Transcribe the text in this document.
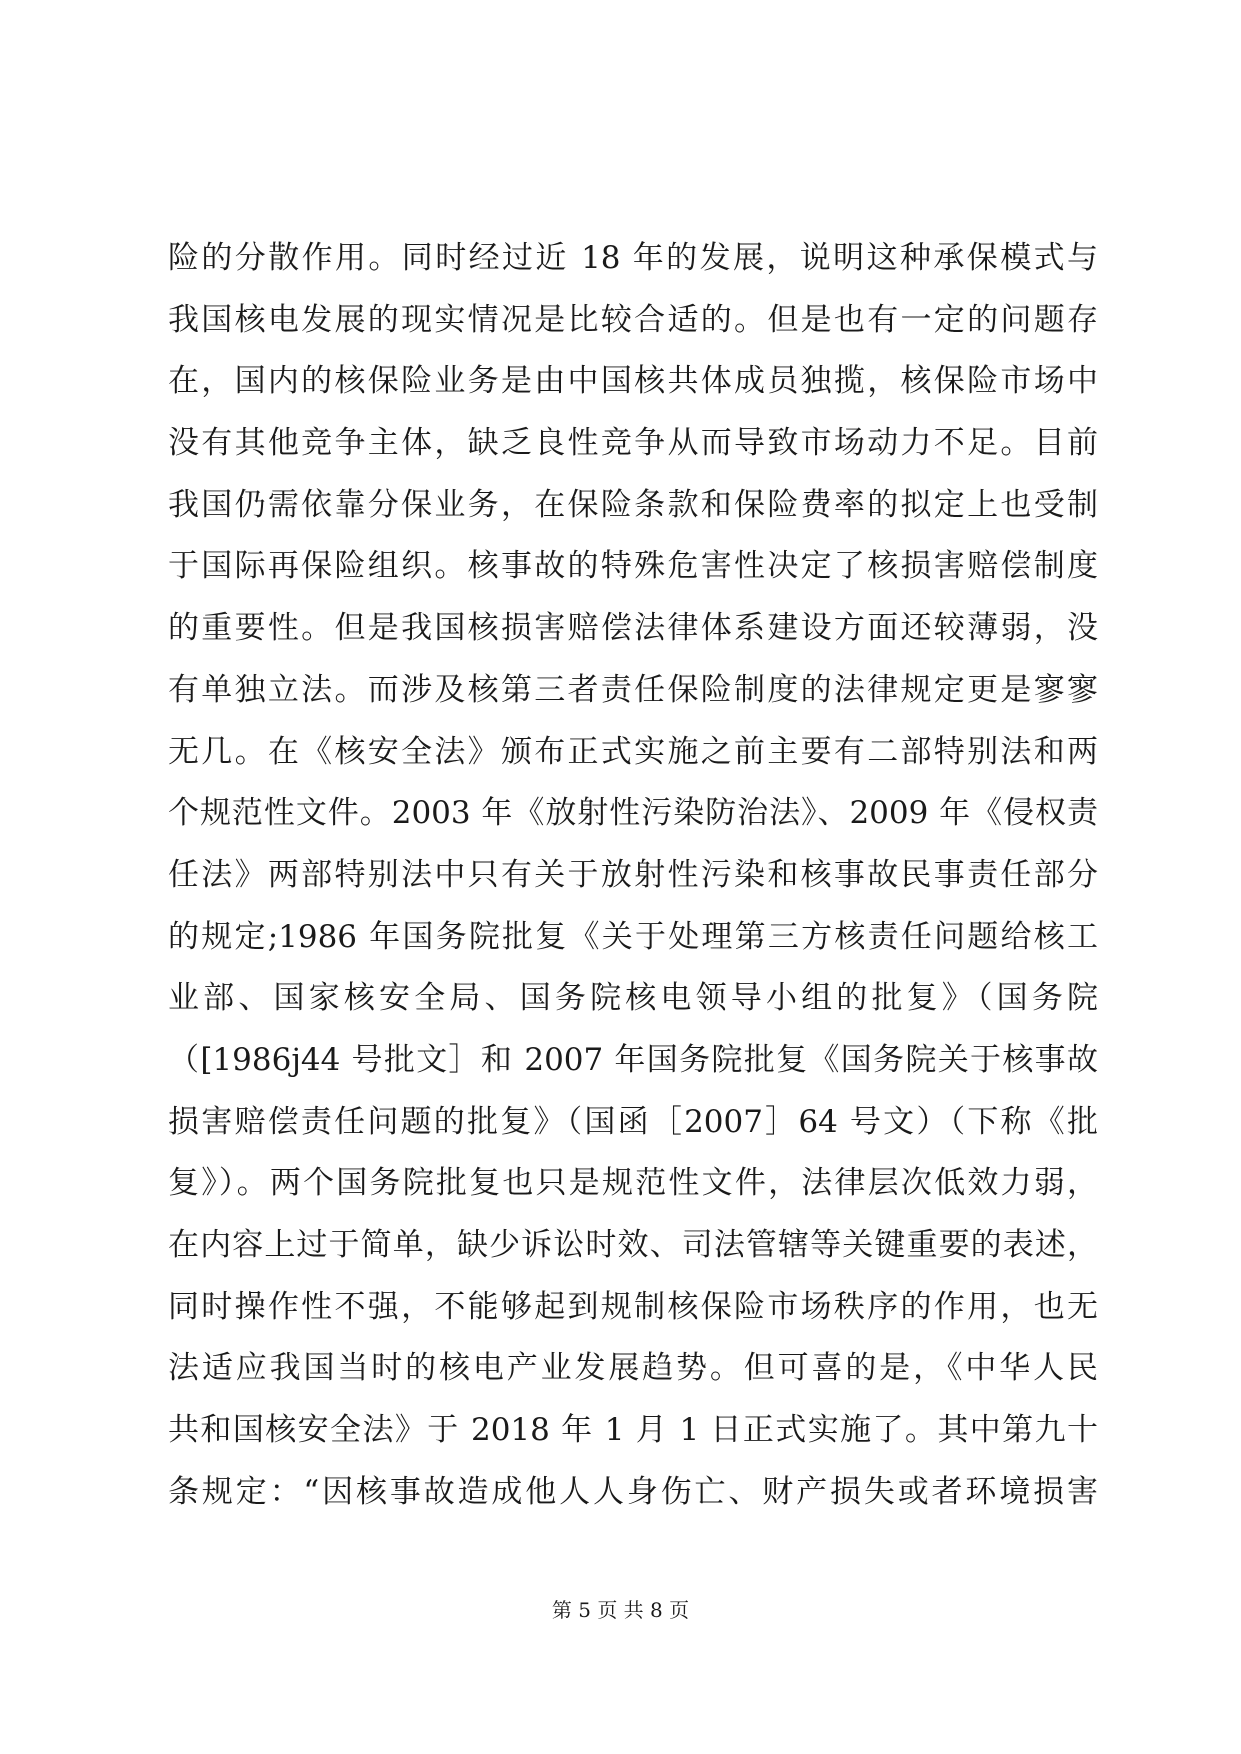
险的分散作用。同时经过近 18 年的发展，说明这种承保模式与
我国核电发展的现实情况是比较合适的。但是也有一定的问题存
在，国内的核保险业务是由中国核共体成员独揽，核保险市场中
没有其他竞争主体，缺乏良性竞争从而导致市场动力不足。目前
我国仍需依靠分保业务，在保险条款和保险费率的拟定上也受制
于国际再保险组织。核事故的特殊危害性决定了核损害赔偿制度
的重要性。但是我国核损害赔偿法律体系建设方面还较薄弱，没
有单独立法。而涉及核第三者责任保险制度的法律规定更是寥寥
无几。在《核安全法》颁布正式实施之前主要有二部特别法和两
个规范性文件。2003 年《放射性污染防治法》、2009 年《侵权责
任法》两部特别法中只有关于放射性污染和核事故民事责任部分
的规定;1986 年国务院批复《关于处理第三方核责任问题给核工
业部、国家核安全局、国务院核电领导小组的批复》（国务院
（[1986j44 号批文］和 2007 年国务院批复《国务院关于核事故
损害赔偿责任问题的批复》（国函［2007］64 号文）（下称《批
复》）。两个国务院批复也只是规范性文件，法律层次低效力弱，
在内容上过于简单，缺少诉讼时效、司法管辖等关键重要的表述，
同时操作性不强，不能够起到规制核保险市场秩序的作用，也无
法适应我国当时的核电产业发展趋势。但可喜的是，《中华人民
共和国核安全法》于 2018 年 1 月 1 日正式实施了。其中第九十
条规定：“因核事故造成他人人身伤亡、财产损失或者环境损害
第 5 页 共 8 页
